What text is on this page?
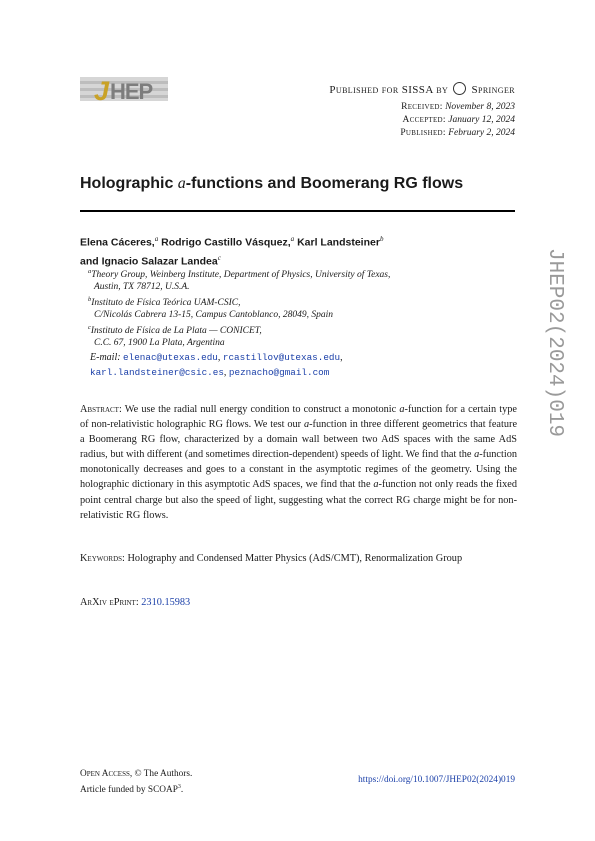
J HEP	Published for SISSA by Springer
Received: November 8, 2023
Accepted: January 12, 2024
Published: February 2, 2024
Holographic a-functions and Boomerang RG flows
Elena Cáceres,$^a$ Rodrigo Castillo Vásquez,$^a$ Karl Landsteiner$^b$
and Ignacio Salazar Landea$^c$
$^a$Theory Group, Weinberg Institute, Department of Physics, University of Texas,
Austin, TX 78712, U.S.A.
$^b$Instituto de Física Teórica UAM-CSIC,
C/Nicolás Cabrera 13-15, Campus Cantoblanco, 28049, Spain
$^c$Instituto de Física de La Plata — CONICET,
C.C. 67, 1900 La Plata, Argentina
E-mail: elenac@utexas.edu, rcastillov@utexas.edu,
karl.landsteiner@csic.es, peznacho@gmail.com
Abstract: We use the radial null energy condition to construct a monotonic a-function for a certain type of non-relativistic holographic RG flows. We test our a-function in three different geometrics that feature a Boomerang RG flow, characterized by a domain wall between two AdS spaces with the same AdS radius, but with different (and sometimes direction-dependent) speeds of light. We find that the a-function monotonically decreases and goes to a constant in the asymptotic regimes of the geometry. Using the holographic dictionary in this asymptotic AdS spaces, we find that the a-function not only reads the fixed point central charge but also the speed of light, suggesting what the correct RG charge might be for non-relativistic RG flows.
Keywords: Holography and Condensed Matter Physics (AdS/CMT), Renormalization Group
ArXiv ePrint: 2310.15983
JHEP02(2024)019
Open Access, © The Authors.
Article funded by SCOAP$^3$.
https://doi.org/10.1007/JHEP02(2024)019
